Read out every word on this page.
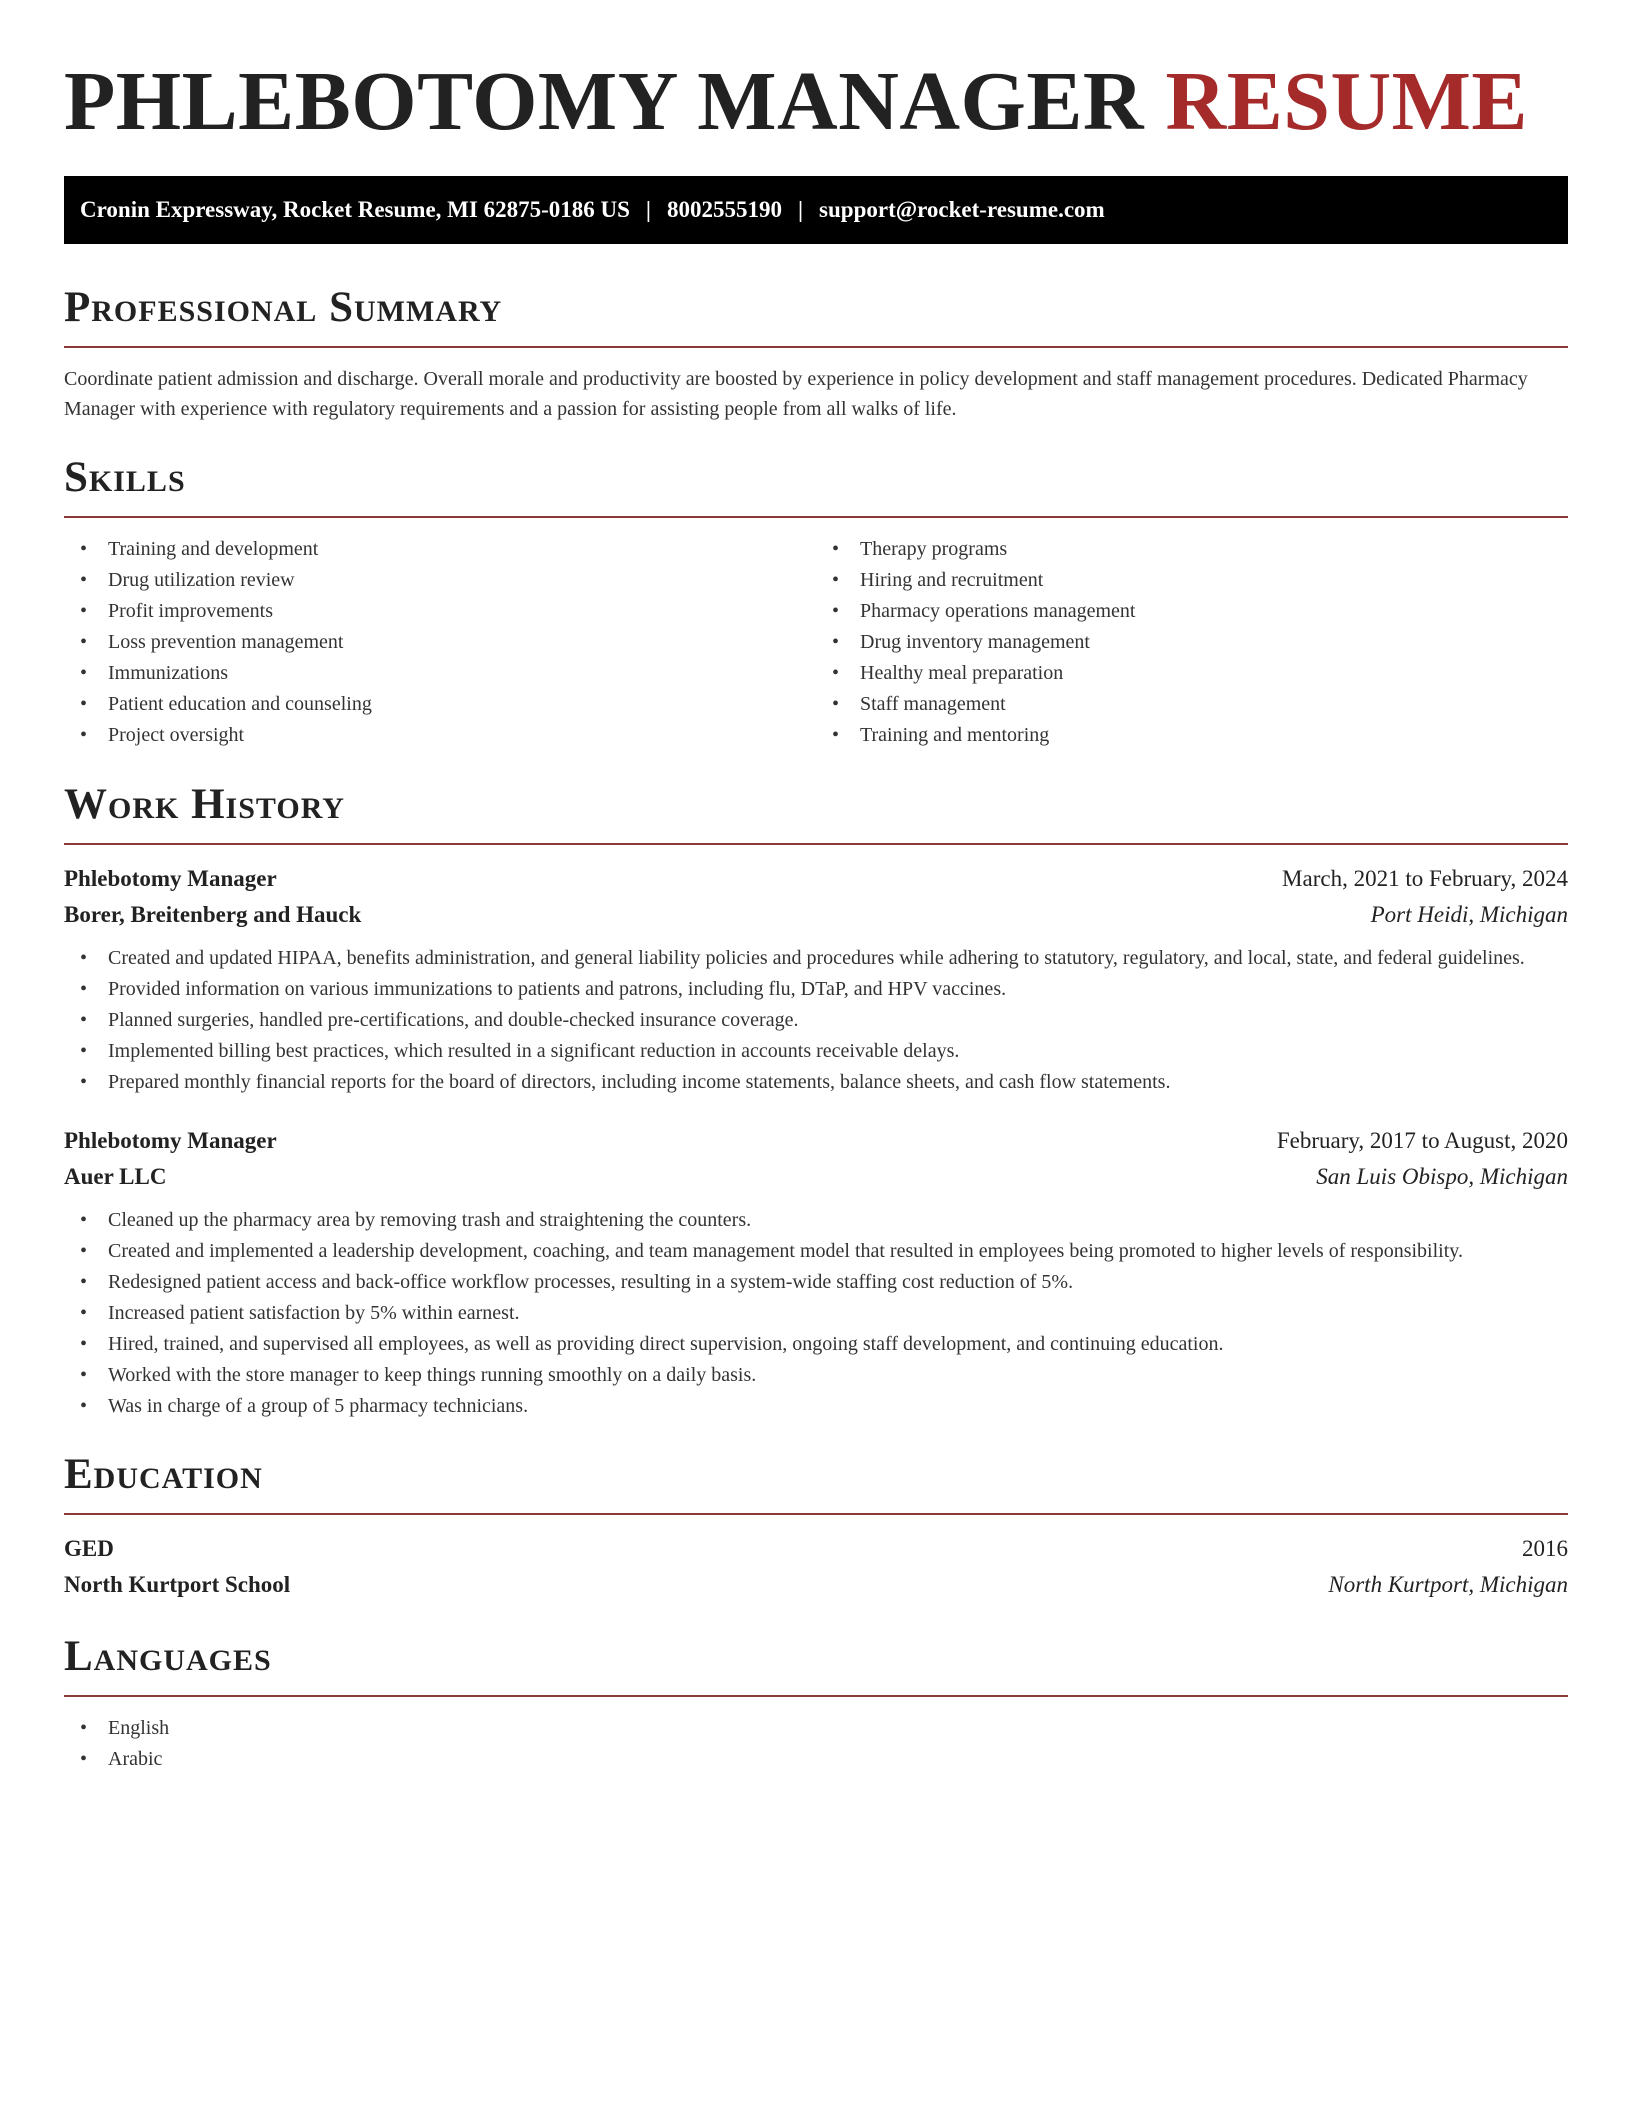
PHLEBOTOMY MANAGER RESUME
Cronin Expressway, Rocket Resume, MI 62875-0186 US | 8002555190 | support@rocket-resume.com
Professional Summary

Coordinate patient admission and discharge. Overall morale and productivity are boosted by experience in policy development and staff management procedures. Dedicated Pharmacy Manager with experience with regulatory requirements and a passion for assisting people from all walks of life.

Skills
• Training and development
• Drug utilization review
• Profit improvements
• Loss prevention management
• Immunizations
• Patient education and counseling
• Project oversight
• Therapy programs
• Hiring and recruitment
• Pharmacy operations management
• Drug inventory management
• Healthy meal preparation
• Staff management
• Training and mentoring
Work History
Phlebotomy Manager	March, 2021 to February, 2024
Borer, Breitenberg and Hauck	Port Heidi, Michigan
• Created and updated HIPAA, benefits administration, and general liability policies and procedures while adhering to statutory, regulatory, and local, state, and federal guidelines.
• Provided information on various immunizations to patients and patrons, including flu, DTaP, and HPV vaccines.
• Planned surgeries, handled pre-certifications, and double-checked insurance coverage.
• Implemented billing best practices, which resulted in a significant reduction in accounts receivable delays.
• Prepared monthly financial reports for the board of directors, including income statements, balance sheets, and cash flow statements.
Phlebotomy Manager	February, 2017 to August, 2020
Auer LLC	San Luis Obispo, Michigan
• Cleaned up the pharmacy area by removing trash and straightening the counters.
• Created and implemented a leadership development, coaching, and team management model that resulted in employees being promoted to higher levels of responsibility.
• Redesigned patient access and back-office workflow processes, resulting in a system-wide staffing cost reduction of 5%.
• Increased patient satisfaction by 5% within earnest.
• Hired, trained, and supervised all employees, as well as providing direct supervision, ongoing staff development, and continuing education.
• Worked with the store manager to keep things running smoothly on a daily basis.
• Was in charge of a group of 5 pharmacy technicians.
Education
GED	2016
North Kurtport School	North Kurtport, Michigan
Languages
• English
• Arabic
